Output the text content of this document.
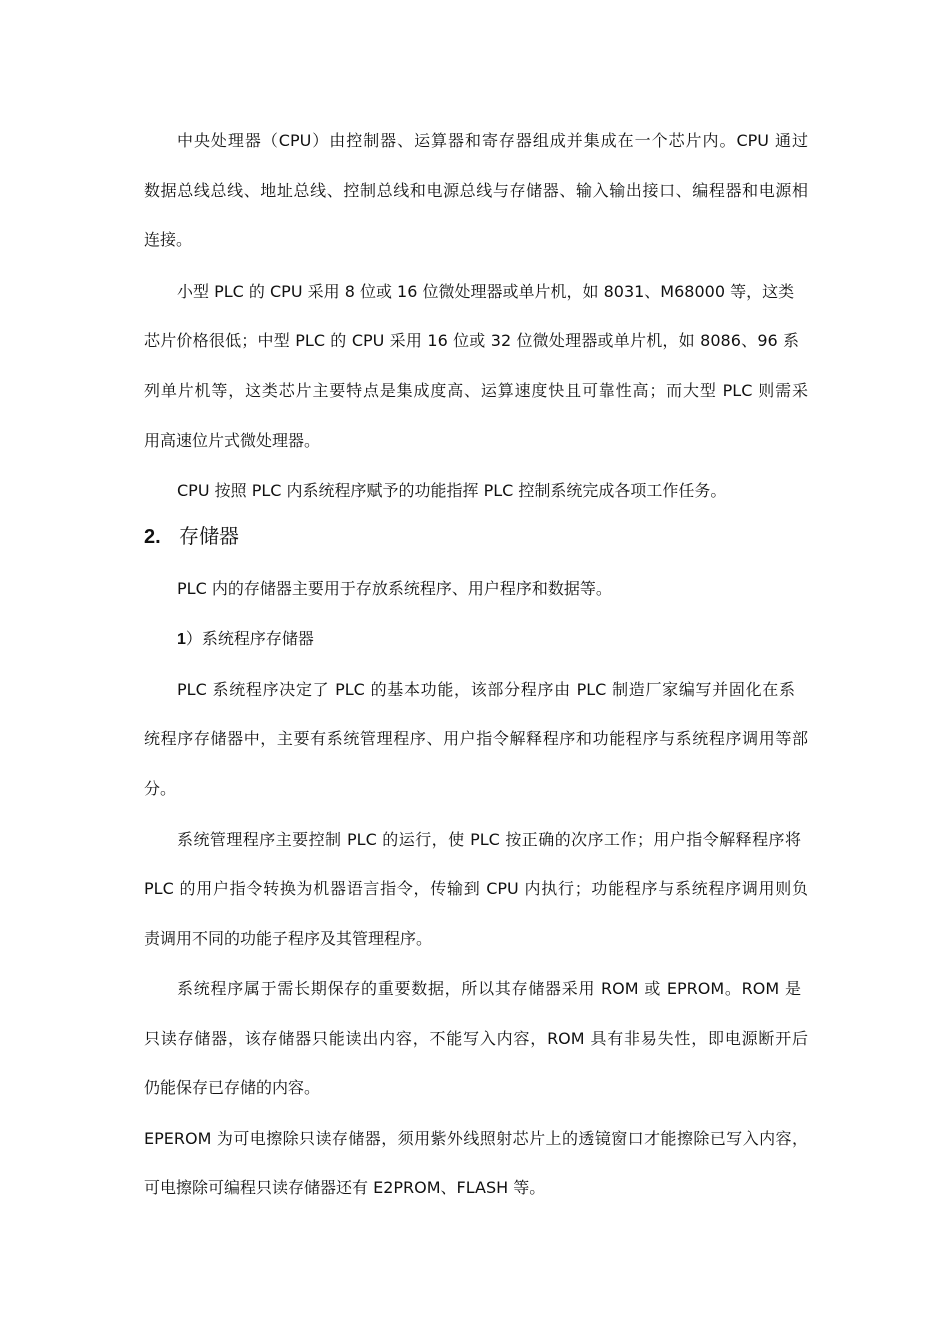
中央处理器（CPU）由控制器、运算器和寄存器组成并集成在一个芯片内。CPU 通过
数据总线总线、地址总线、控制总线和电源总线与存储器、输入输出接口、编程器和电源相
连接。
小型 PLC 的 CPU 采用 8 位或 16 位微处理器或单片机，如 8031、M68000 等，这类
芯片价格很低；中型 PLC 的 CPU 采用 16 位或 32 位微处理器或单片机，如 8086、96 系
列单片机等，这类芯片主要特点是集成度高、运算速度快且可靠性高；而大型 PLC 则需采
用高速位片式微处理器。
CPU 按照 PLC 内系统程序赋予的功能指挥 PLC 控制系统完成各项工作任务。
2. 存储器
PLC 内的存储器主要用于存放系统程序、用户程序和数据等。
1）系统程序存储器
PLC 系统程序决定了 PLC 的基本功能，该部分程序由 PLC 制造厂家编写并固化在系
统程序存储器中，主要有系统管理程序、用户指令解释程序和功能程序与系统程序调用等部
分。
系统管理程序主要控制 PLC 的运行，使 PLC 按正确的次序工作；用户指令解释程序将
PLC 的用户指令转换为机器语言指令，传输到 CPU 内执行；功能程序与系统程序调用则负
责调用不同的功能子程序及其管理程序。
系统程序属于需长期保存的重要数据，所以其存储器采用 ROM 或 EPROM。ROM 是
只读存储器，该存储器只能读出内容，不能写入内容，ROM 具有非易失性，即电源断开后
仍能保存已存储的内容。
EPEROM 为可电擦除只读存储器，须用紫外线照射芯片上的透镜窗口才能擦除已写入内容，
可电擦除可编程只读存储器还有 E2PROM、FLASH 等。
